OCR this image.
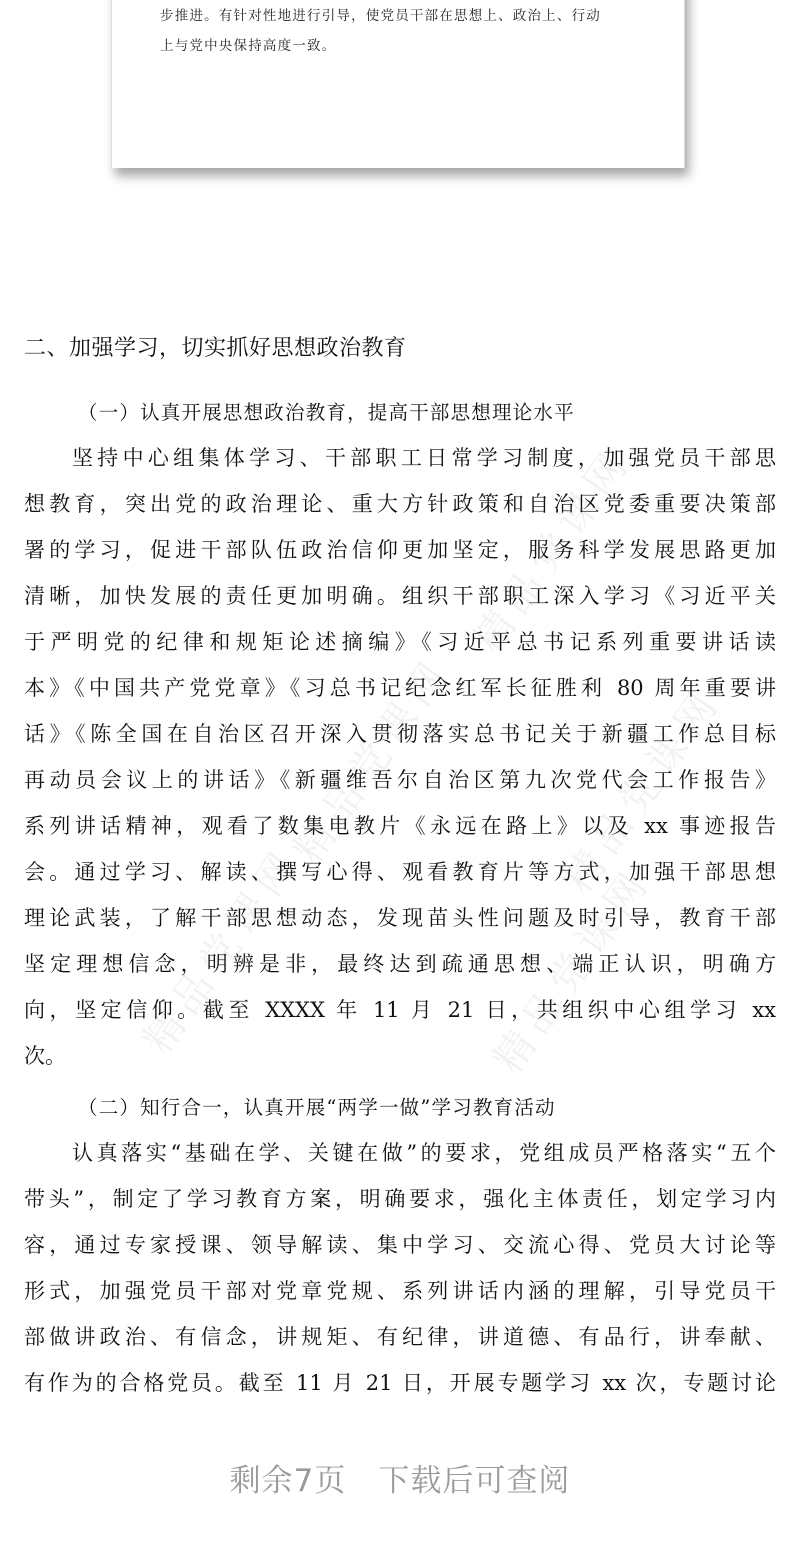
步推进。有针对性地进行引导，使党员干部在思想上、政治上、行动

上与党中央保持高度一致。

精品党课网
精品党课网 精品党课网
精品党课网	精品党课网
二、加强学习，切实抓好思想政治教育
（一）认真开展思想政治教育，提高干部思想理论水平

坚持中心组集体学习、干部职工日常学习制度，加强党员干部思

想教育，突出党的政治理论、重大方针政策和自治区党委重要决策部

署的学习，促进干部队伍政治信仰更加坚定，服务科学发展思路更加

清晰，加快发展的责任更加明确。组织干部职工深入学习《习近平关

于严明党的纪律和规矩论述摘编》《习近平总书记系列重要讲话读

本》《中国共产党党章》《习总书记纪念红军长征胜利 80 周年重要讲

话》《陈全国在自治区召开深入贯彻落实总书记关于新疆工作总目标

再动员会议上的讲话》《新疆维吾尔自治区第九次党代会工作报告》

系列讲话精神，观看了数集电教片《永远在路上》以及 xx 事迹报告

会。通过学习、解读、撰写心得、观看教育片等方式，加强干部思想

理论武装，了解干部思想动态，发现苗头性问题及时引导，教育干部

坚定理想信念，明辨是非，最终达到疏通思想、端正认识，明确方

向，坚定信仰。截至 XXXX 年 11 月 21 日，共组织中心组学习 xx

次。

（二）知行合一，认真开展“两学一做”学习教育活动

认真落实“基础在学、关键在做”的要求，党组成员严格落实“五个

带头”，制定了学习教育方案，明确要求，强化主体责任，划定学习内

容，通过专家授课、领导解读、集中学习、交流心得、党员大讨论等

形式，加强党员干部对党章党规、系列讲话内涵的理解，引导党员干

部做讲政治、有信念，讲规矩、有纪律，讲道德、有品行，讲奉献、

有作为的合格党员。截至 11 月 21 日，开展专题学习 xx 次，专题讨论

剩余7页 下载后可查阅
